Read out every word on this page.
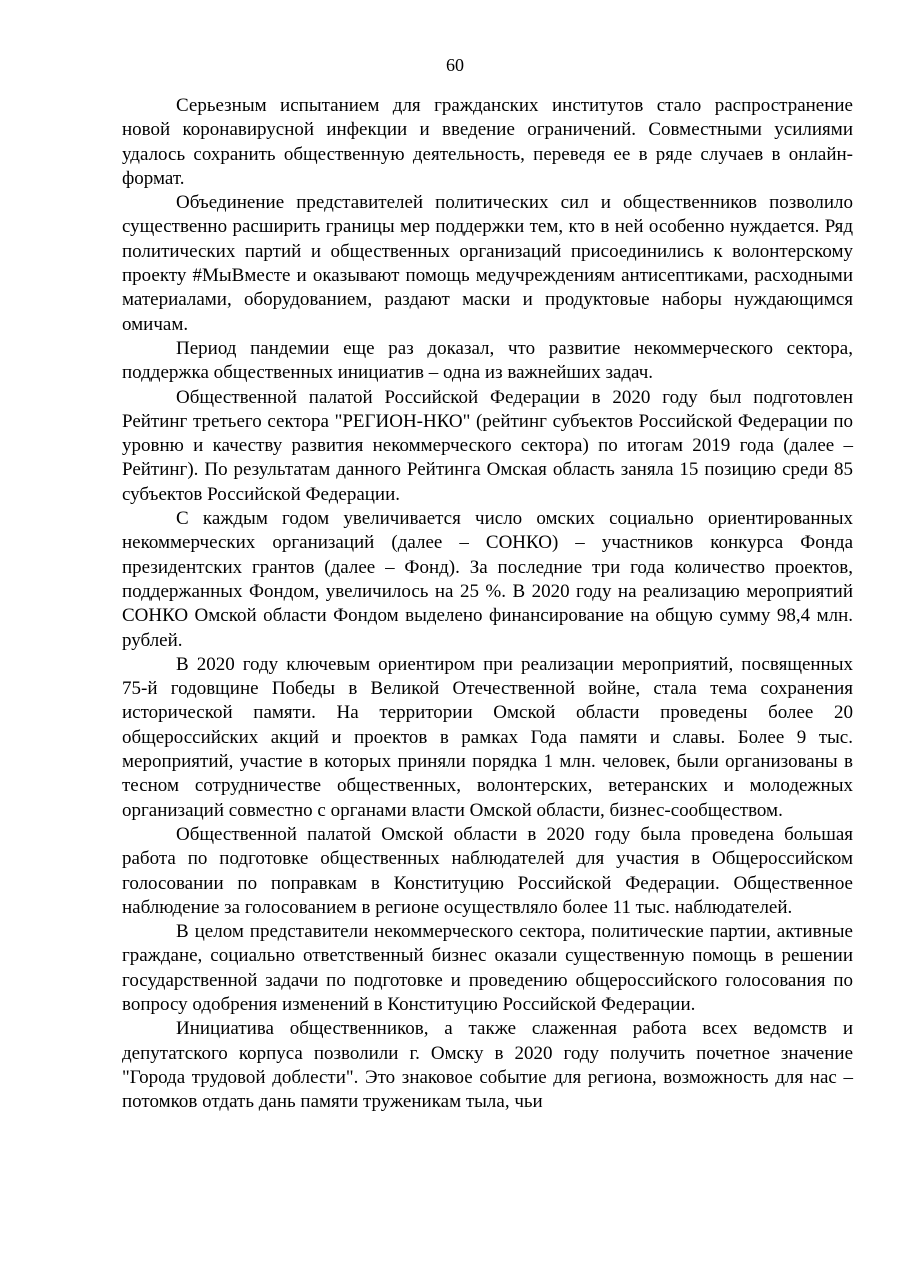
60

Серьезным испытанием для гражданских институтов стало распространение новой коронавирусной инфекции и введение ограничений. Совместными усилиями удалось сохранить общественную деятельность, переведя ее в ряде случаев в онлайн-формат.

Объединение представителей политических сил и общественников позволило существенно расширить границы мер поддержки тем, кто в ней особенно нуждается. Ряд политических партий и общественных организаций присоединились к волонтерскому проекту #МыВместе и оказывают помощь медучреждениям антисептиками, расходными материалами, оборудованием, раздают маски и продуктовые наборы нуждающимся омичам.

Период пандемии еще раз доказал, что развитие некоммерческого сектора, поддержка общественных инициатив – одна из важнейших задач.

Общественной палатой Российской Федерации в 2020 году был подготовлен Рейтинг третьего сектора "РЕГИОН-НКО" (рейтинг субъектов Российской Федерации по уровню и качеству развития некоммерческого сектора) по итогам 2019 года (далее – Рейтинг). По результатам данного Рейтинга Омская область заняла 15 позицию среди 85 субъектов Российской Федерации.

С каждым годом увеличивается число омских социально ориентированных некоммерческих организаций (далее – СОНКО) – участников конкурса Фонда президентских грантов (далее – Фонд). За последние три года количество проектов, поддержанных Фондом, увеличилось на 25 %. В 2020 году на реализацию мероприятий СОНКО Омской области Фондом выделено финансирование на общую сумму 98,4 млн. рублей.

В 2020 году ключевым ориентиром при реализации мероприятий, посвященных 75-й годовщине Победы в Великой Отечественной войне, стала тема сохранения исторической памяти. На территории Омской области проведены более 20 общероссийских акций и проектов в рамках Года памяти и славы. Более 9 тыс. мероприятий, участие в которых приняли порядка 1 млн. человек, были организованы в тесном сотрудничестве общественных, волонтерских, ветеранских и молодежных организаций совместно с органами власти Омской области, бизнес-сообществом.

Общественной палатой Омской области в 2020 году была проведена большая работа по подготовке общественных наблюдателей для участия в Общероссийском голосовании по поправкам в Конституцию Российской Федерации. Общественное наблюдение за голосованием в регионе осуществляло более 11 тыс. наблюдателей.

В целом представители некоммерческого сектора, политические партии, активные граждане, социально ответственный бизнес оказали существенную помощь в решении государственной задачи по подготовке и проведению общероссийского голосования по вопросу одобрения изменений в Конституцию Российской Федерации.

Инициатива общественников, а также слаженная работа всех ведомств и депутатского корпуса позволили г. Омску в 2020 году получить почетное значение "Города трудовой доблести". Это знаковое событие для региона, возможность для нас – потомков отдать дань памяти труженикам тыла, чьи
